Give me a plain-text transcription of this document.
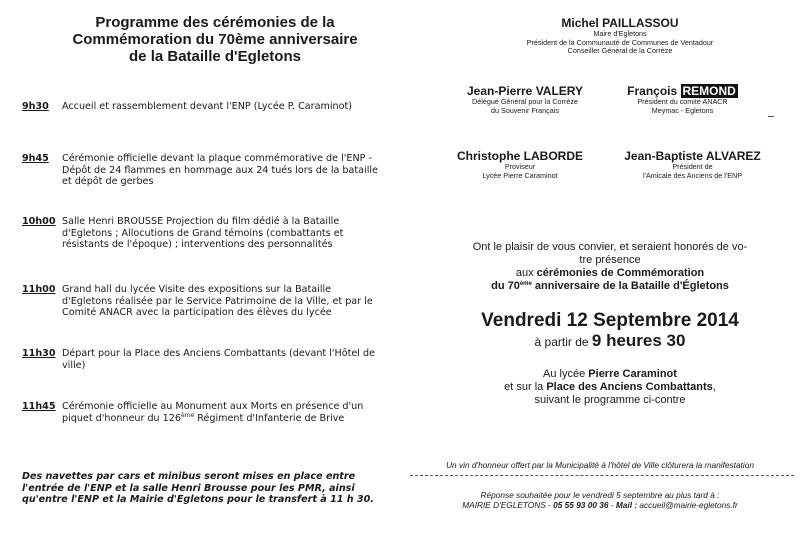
Programme des cérémonies de la
Commémoration du 70ème anniversaire
de la Bataille d'Egletons
9h30	Accueil et rassemblement devant l'ENP (Lycée P. Caraminot)
9h45	Cérémonie officielle devant la plaque commémorative de l'ENP - Dépôt de 24 flammes en hommage aux 24 tués lors de la bataille et dépôt de gerbes
10h00 Salle Henri BROUSSE Projection du film dédié à la Bataille d'Egletons ; Allocutions de Grand témoins (combattants et résistants de l'époque) ; interventions des personnalités
11h00 Grand hall du lycée Visite des expositions sur la Bataille d'Egletons réalisée par le Service Patrimoine de la Ville, et par le Comité ANACR avec la participation des élèves du lycée
11h30 Départ pour la Place des Anciens Combattants (devant l'Hôtel de ville)
11h45 Cérémonie officielle au Monument aux Morts en présence d'un piquet d'honneur du 126ème Régiment d'Infanterie de Brive
Des navettes par cars et minibus seront mises en place entre l'entrée de l'ENP et la salle Henri Brousse pour les PMR, ainsi qu'entre l'ENP et la Mairie d'Egletons pour le transfert à 11 h 30.
Michel PAILLASSOU
Maire d'Egletons
Président de la Communauté de Communes de Ventadour
Conseiller Général de la Corrèze
Jean-Pierre VALERY
Délégué Général pour la Corrèze
du Souvenir Français
François REMOND
Président du comité ANACR
Meymac - Egletons
Christophe LABORDE
Proviseur
Lycée Pierre Caraminot
Jean-Baptiste ALVAREZ
Président de
l'Amicale des Anciens de l'ENP
Ont le plaisir de vous convier, et seraient honorés de vo-
tre présence
aux cérémonies de Commémoration
du 70ème anniversaire de la Bataille d'Égletons
Vendredi 12 Septembre 2014
à partir de 9 heures 30
Au lycée Pierre Caraminot
et sur la Place des Anciens Combattants,
suivant le programme ci-contre
Un vin d'honneur offert par la Municipalité à l'hôtel de Ville clôturera la manifestation
Réponse souhaitée pour le vendredi 5 septembre au plus tard à :
MAIRIE D'EGLETONS - 05 55 93 00 36 - Mail : accueil@mairie-egletons.fr
